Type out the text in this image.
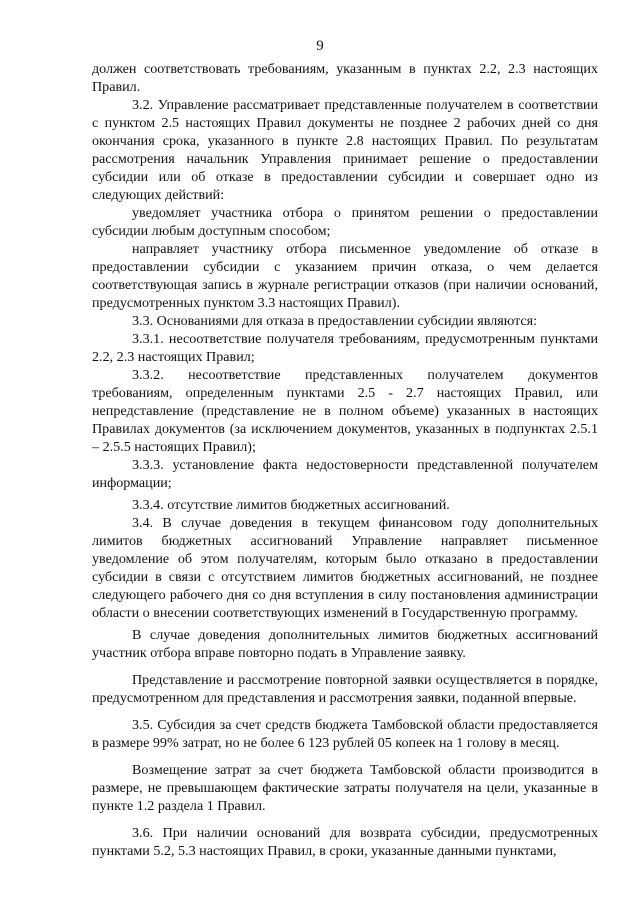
9

должен соответствовать требованиям, указанным в пунктах 2.2, 2.3 настоящих Правил.

3.2. Управление рассматривает представленные получателем в соответствии с пунктом 2.5 настоящих Правил документы не позднее 2 рабочих дней со дня окончания срока, указанного в пункте 2.8 настоящих Правил. По результатам рассмотрения начальник Управления принимает решение о предоставлении субсидии или об отказе в предоставлении субсидии и совершает одно из следующих действий:

уведомляет участника отбора о принятом решении о предоставлении субсидии любым доступным способом;

направляет участнику отбора письменное уведомление об отказе в предоставлении субсидии с указанием причин отказа, о чем делается соответствующая запись в журнале регистрации отказов (при наличии оснований, предусмотренных пунктом 3.3 настоящих Правил).

3.3. Основаниями для отказа в предоставлении субсидии являются:

3.3.1. несоответствие получателя требованиям, предусмотренным пунктами 2.2, 2.3 настоящих Правил;

3.3.2. несоответствие представленных получателем документов требованиям, определенным пунктами 2.5 - 2.7 настоящих Правил, или непредставление (представление не в полном объеме) указанных в настоящих Правилах документов (за исключением документов, указанных в подпунктах 2.5.1 – 2.5.5 настоящих Правил);

3.3.3. установление факта недостоверности представленной получателем информации;

3.3.4. отсутствие лимитов бюджетных ассигнований.

3.4. В случае доведения в текущем финансовом году дополнительных лимитов бюджетных ассигнований Управление направляет письменное уведомление об этом получателям, которым было отказано в предоставлении субсидии в связи с отсутствием лимитов бюджетных ассигнований, не позднее следующего рабочего дня со дня вступления в силу постановления администрации области о внесении соответствующих изменений в Государственную программу.

В случае доведения дополнительных лимитов бюджетных ассигнований участник отбора вправе повторно подать в Управление заявку.

Представление и рассмотрение повторной заявки осуществляется в порядке, предусмотренном для представления и рассмотрения заявки, поданной впервые.

3.5. Субсидия за счет средств бюджета Тамбовской области предоставляется в размере 99% затрат, но не более 6 123 рублей 05 копеек на 1 голову в месяц.

Возмещение затрат за счет бюджета Тамбовской области производится в размере, не превышающем фактические затраты получателя на цели, указанные в пункте 1.2 раздела 1 Правил.

3.6. При наличии оснований для возврата субсидии, предусмотренных пунктами 5.2, 5.3 настоящих Правил, в сроки, указанные данными пунктами,
